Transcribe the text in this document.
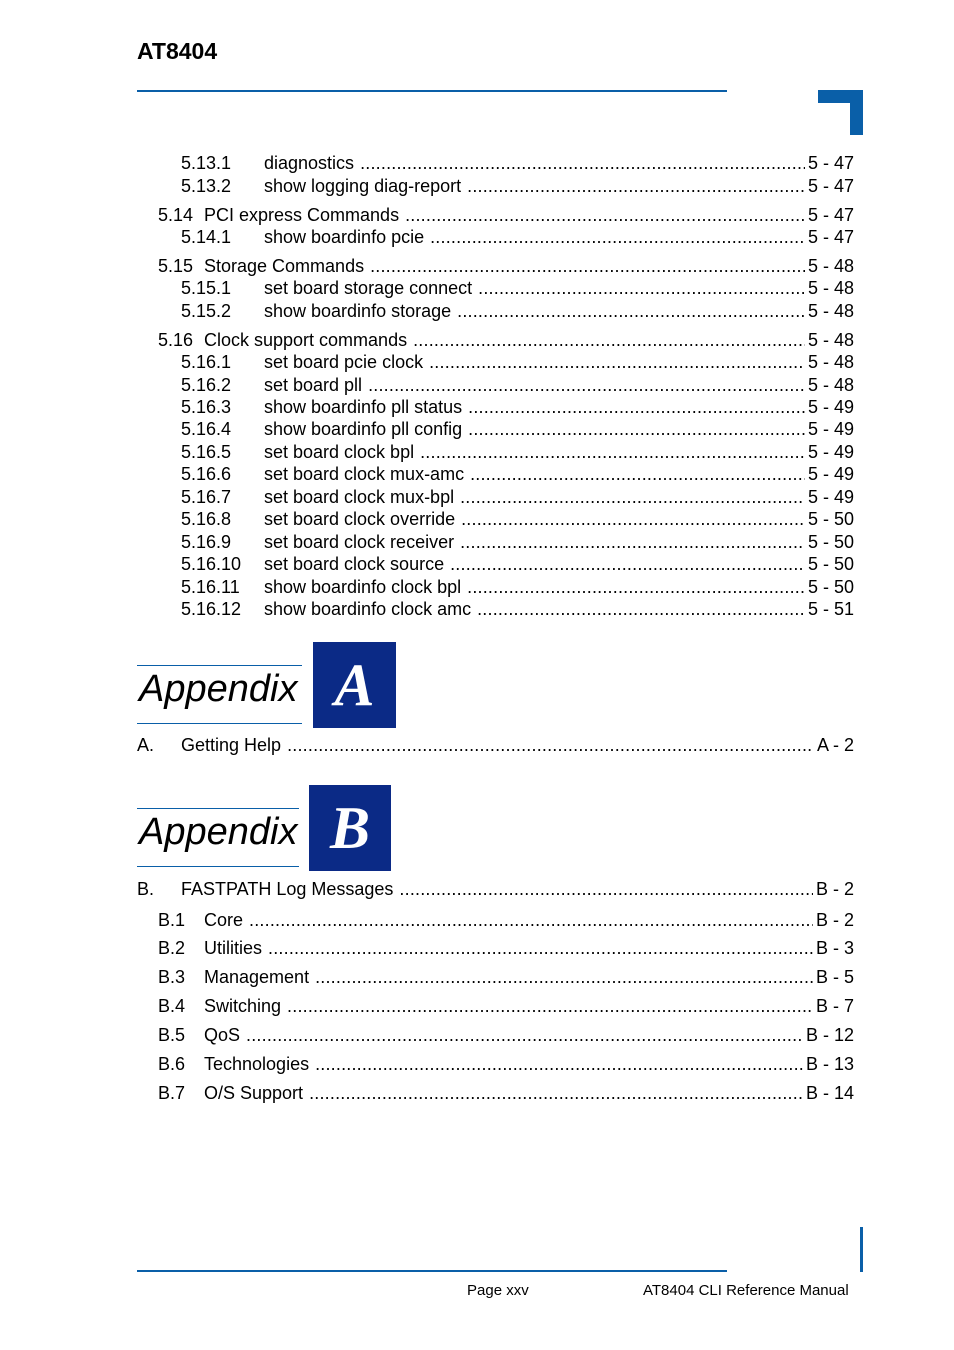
AT8404
5.13.1	diagnostics .....	5 - 47
5.13.2	show logging diag-report .....	5 - 47
5.14 PCI express Commands .....	5 - 47
5.14.1	show boardinfo pcie .....	5 - 47
5.15 Storage Commands .....	5 - 48
5.15.1	set board storage connect .....	5 - 48
5.15.2	show boardinfo storage .....	5 - 48
5.16 Clock support commands .....	5 - 48
5.16.1	set board pcie clock .....	5 - 48
5.16.2	set board pll .....	5 - 48
5.16.3	show boardinfo pll status .....	5 - 49
5.16.4	show boardinfo pll config .....	5 - 49
5.16.5	set board clock bpl .....	5 - 49
5.16.6	set board clock mux-amc .....	5 - 49
5.16.7	set board clock mux-bpl .....	5 - 49
5.16.8	set board clock override .....	5 - 50
5.16.9	set board clock receiver .....	5 - 50
5.16.10	set board clock source .....	5 - 50
5.16.11	show boardinfo clock bpl .....	5 - 50
5.16.12	show boardinfo clock amc .....	5 - 51
Appendix A
A.	Getting Help .....	A - 2
Appendix B
B.	FASTPATH Log Messages .....	B - 2
B.1	Core .....	B - 2
B.2	Utilities .....	B - 3
B.3	Management .....	B - 5
B.4	Switching .....	B - 7
B.5	QoS .....	B - 12
B.6	Technologies .....	B - 13
B.7	O/S Support .....	B - 14
Page xxv	AT8404 CLI Reference Manual
